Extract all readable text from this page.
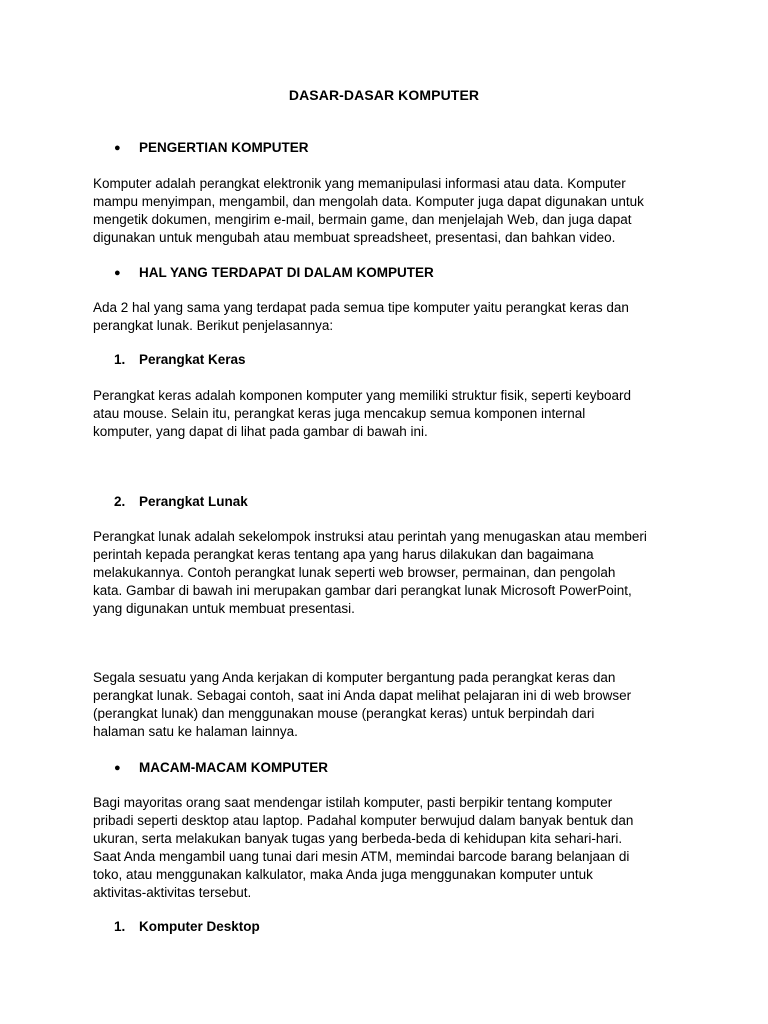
DASAR-DASAR KOMPUTER
● PENGERTIAN KOMPUTER
Komputer adalah perangkat elektronik yang memanipulasi informasi atau data. Komputer
mampu menyimpan, mengambil, dan mengolah data. Komputer juga dapat digunakan untuk
mengetik dokumen, mengirim e-mail, bermain game, dan menjelajah Web, dan juga dapat
digunakan untuk mengubah atau membuat spreadsheet, presentasi, dan bahkan video.
● HAL YANG TERDAPAT DI DALAM KOMPUTER
Ada 2 hal yang sama yang terdapat pada semua tipe komputer yaitu perangkat keras dan
perangkat lunak. Berikut penjelasannya:
1. Perangkat Keras
Perangkat keras adalah komponen komputer yang memiliki struktur fisik, seperti keyboard
atau mouse. Selain itu, perangkat keras juga mencakup semua komponen internal
komputer, yang dapat di lihat pada gambar di bawah ini.
2. Perangkat Lunak
Perangkat lunak adalah sekelompok instruksi atau perintah yang menugaskan atau memberi
perintah kepada perangkat keras tentang apa yang harus dilakukan dan bagaimana
melakukannya. Contoh perangkat lunak seperti web browser, permainan, dan pengolah
kata. Gambar di bawah ini merupakan gambar dari perangkat lunak Microsoft PowerPoint,
yang digunakan untuk membuat presentasi.
Segala sesuatu yang Anda kerjakan di komputer bergantung pada perangkat keras dan
perangkat lunak. Sebagai contoh, saat ini Anda dapat melihat pelajaran ini di web browser
(perangkat lunak) dan menggunakan mouse (perangkat keras) untuk berpindah dari
halaman satu ke halaman lainnya.
● MACAM-MACAM KOMPUTER
Bagi mayoritas orang saat mendengar istilah komputer, pasti berpikir tentang komputer
pribadi seperti desktop atau laptop. Padahal komputer berwujud dalam banyak bentuk dan
ukuran, serta melakukan banyak tugas yang berbeda-beda di kehidupan kita sehari-hari.
Saat Anda mengambil uang tunai dari mesin ATM, memindai barcode barang belanjaan di
toko, atau menggunakan kalkulator, maka Anda juga menggunakan komputer untuk
aktivitas-aktivitas tersebut.
1. Komputer Desktop
